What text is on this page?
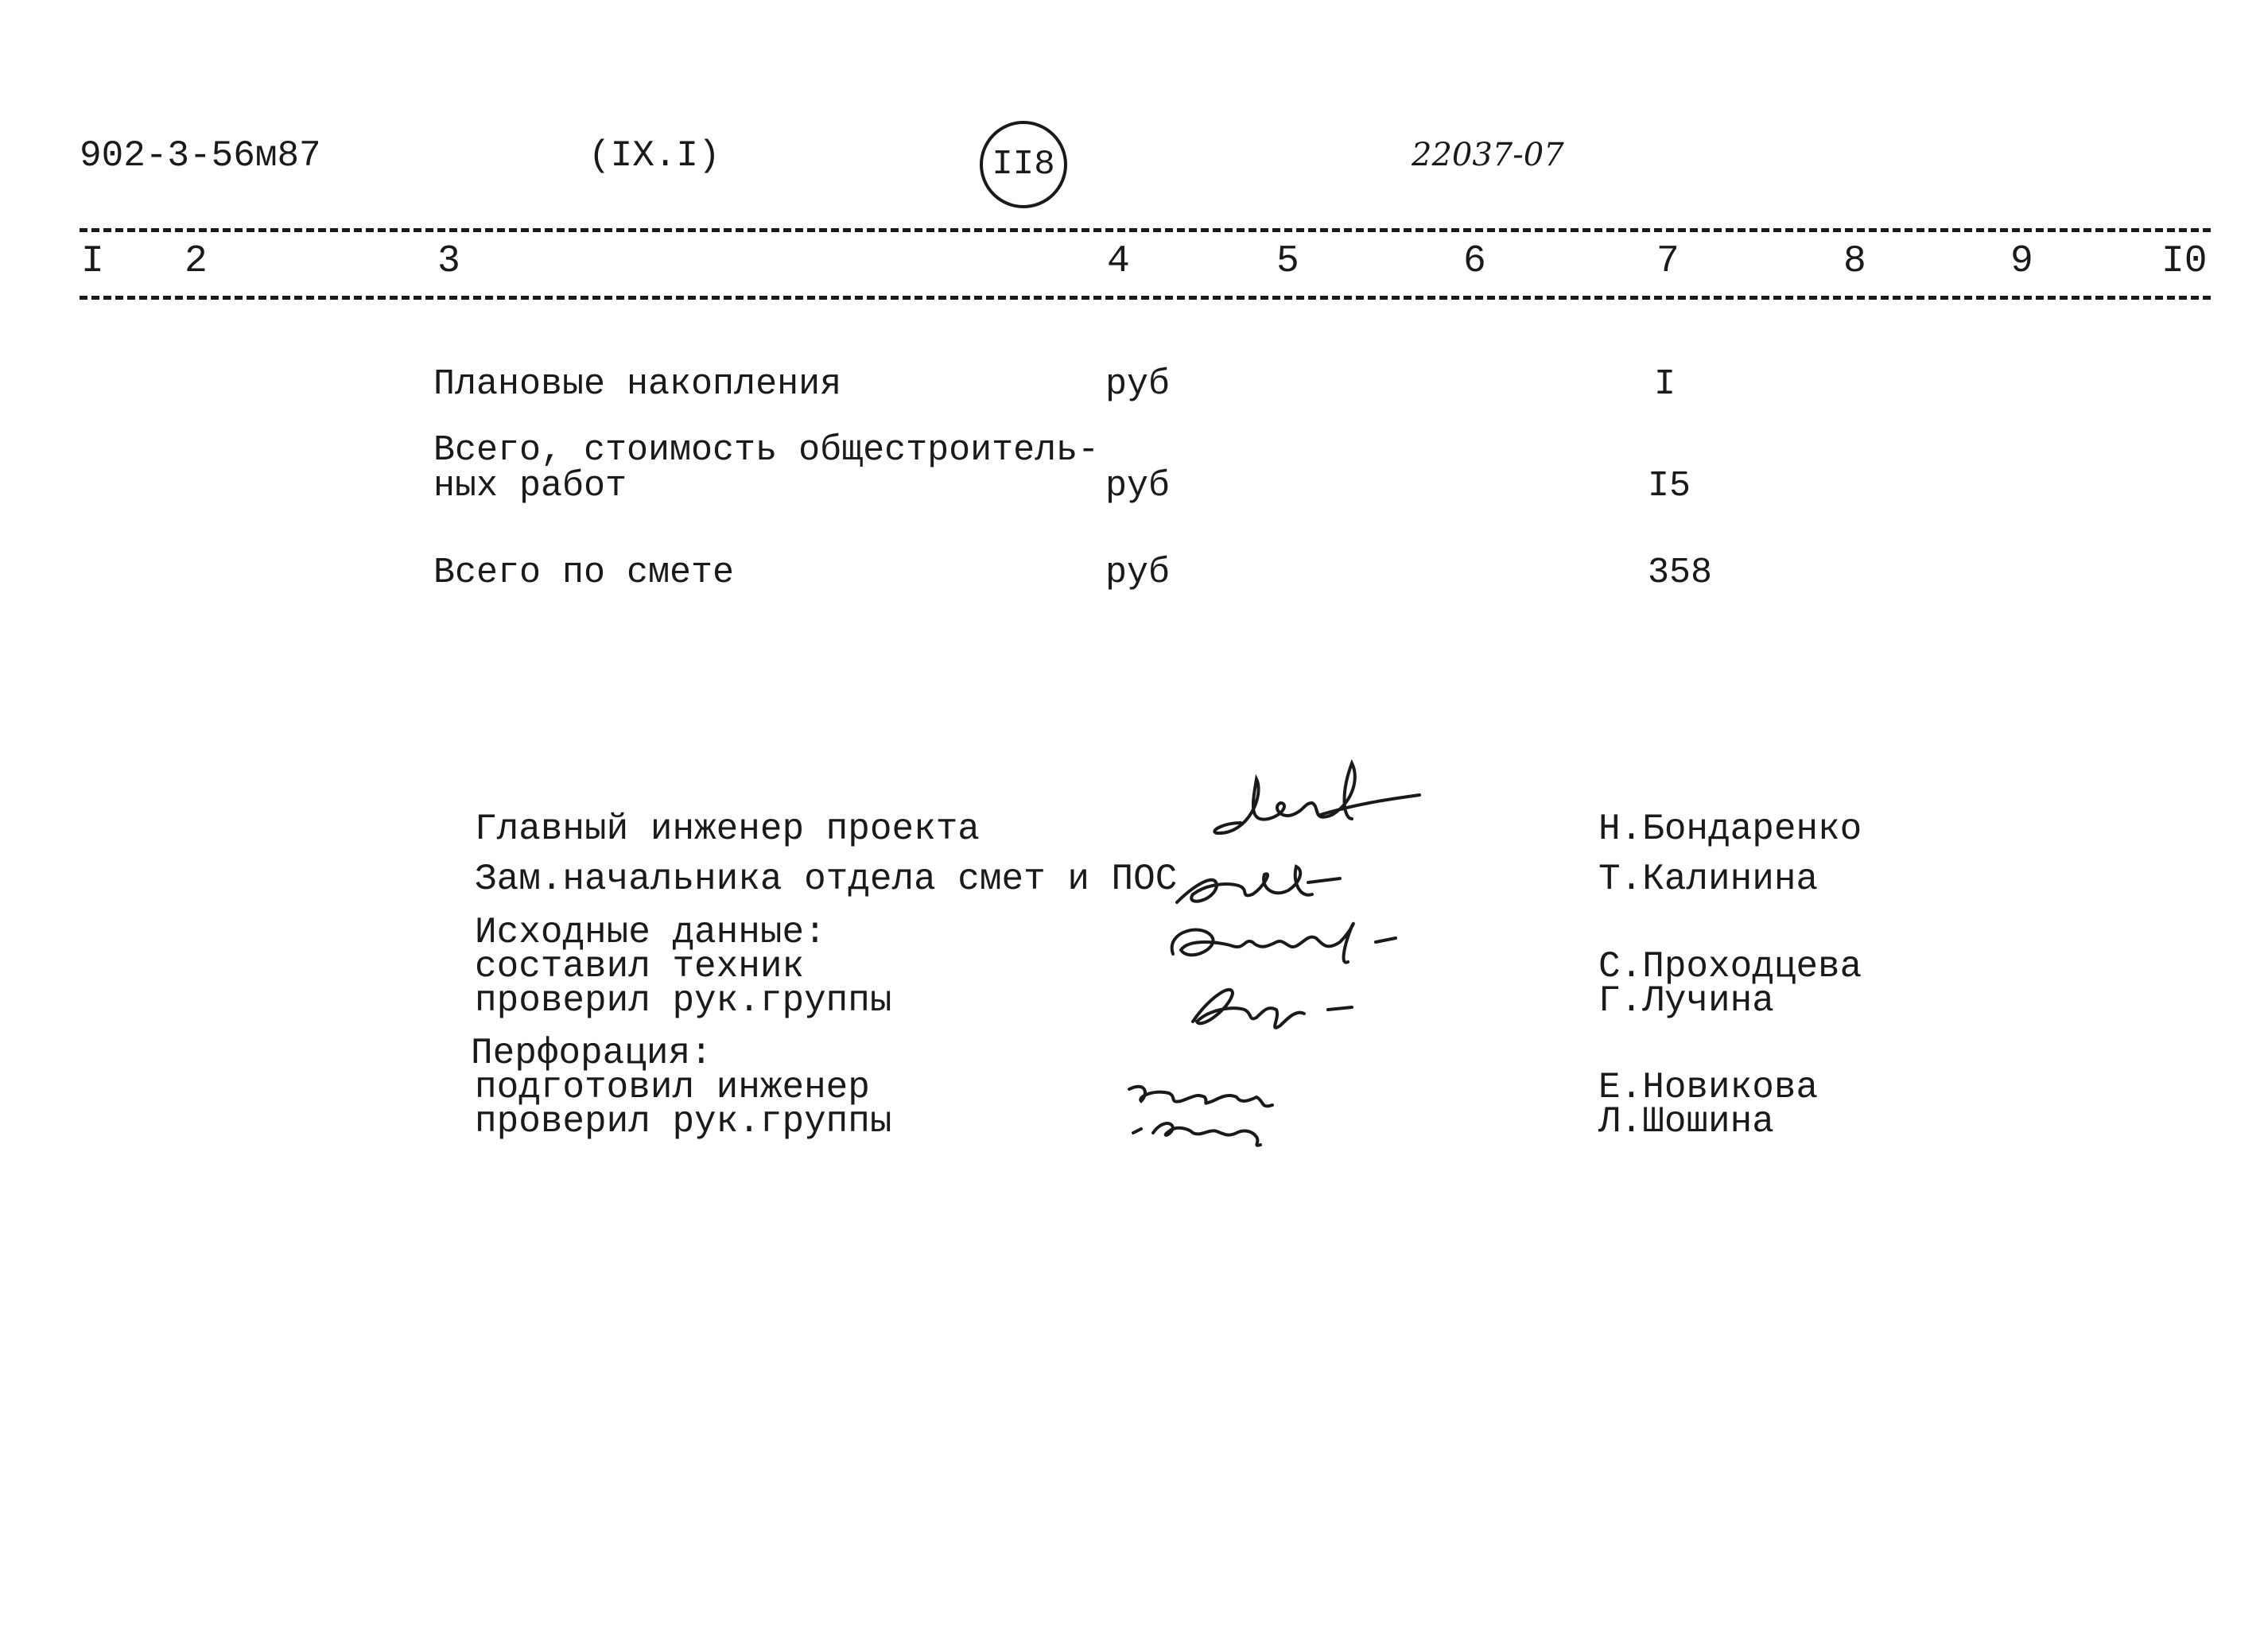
902-3-56м87	(IX.I)	II8	22037-07
I 2	3	4	5	6	7	8	9	I0
Плановые накопления	руб	I
Всего, стоимость общестроитель-
ных работ	руб	I5
Всего по смете	руб	358
Главный инженер проекта	Н.Бондаренко
Зам.начальника отдела смет и ПОС	Т.Калинина
Исходные данные:
составил техник	С.Проходцева
проверил рук.группы	Г.Лучина
Перфорация:
подготовил инженер	Е.Новикова
проверил рук.группы	Л.Шошина
